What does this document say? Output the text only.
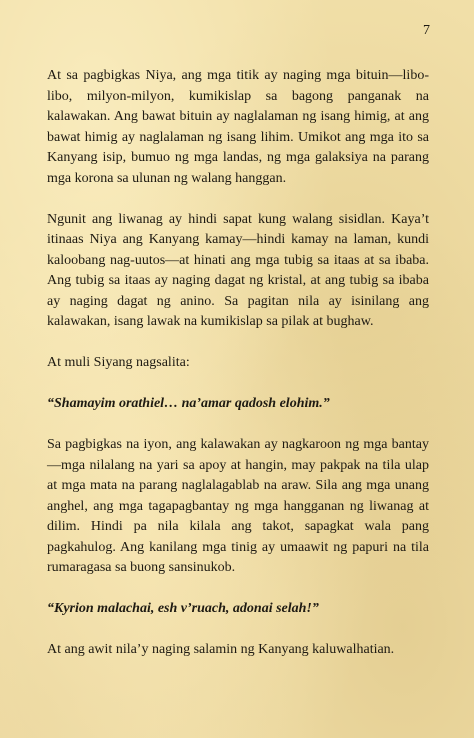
7

At sa pagbigkas Niya, ang mga titik ay naging mga bituin—libo-libo, milyon-milyon, kumikislap sa bagong panganak na kalawakan. Ang bawat bituin ay naglalaman ng isang himig, at ang bawat himig ay naglalaman ng isang lihim. Umikot ang mga ito sa Kanyang isip, bumuo ng mga landas, ng mga galaksiya na parang mga korona sa ulunan ng walang hanggan.

Ngunit ang liwanag ay hindi sapat kung walang sisidlan. Kaya’t itinaas Niya ang Kanyang kamay—hindi kamay na laman, kundi kaloobang nag-uutos—at hinati ang mga tubig sa itaas at sa ibaba. Ang tubig sa itaas ay naging dagat ng kristal, at ang tubig sa ibaba ay naging dagat ng anino. Sa pagitan nila ay isinilang ang kalawakan, isang lawak na kumikislap sa pilak at bughaw.

At muli Siyang nagsalita:

“Shamayim orathiel… na’amar qadosh elohim.”

Sa pagbigkas na iyon, ang kalawakan ay nagkaroon ng mga bantay—mga nilalang na yari sa apoy at hangin, may pakpak na tila ulap at mga mata na parang naglalagablab na araw. Sila ang mga unang anghel, ang mga tagapagbantay ng mga hangganan ng liwanag at dilim. Hindi pa nila kilala ang takot, sapagkat wala pang pagkahulog. Ang kanilang mga tinig ay umaawit ng papuri na tila rumaragasa sa buong sansinukob.

“Kyrion malachai, esh v’ruach, adonai selah!”

At ang awit nila’y naging salamin ng Kanyang kaluwalhatian.
